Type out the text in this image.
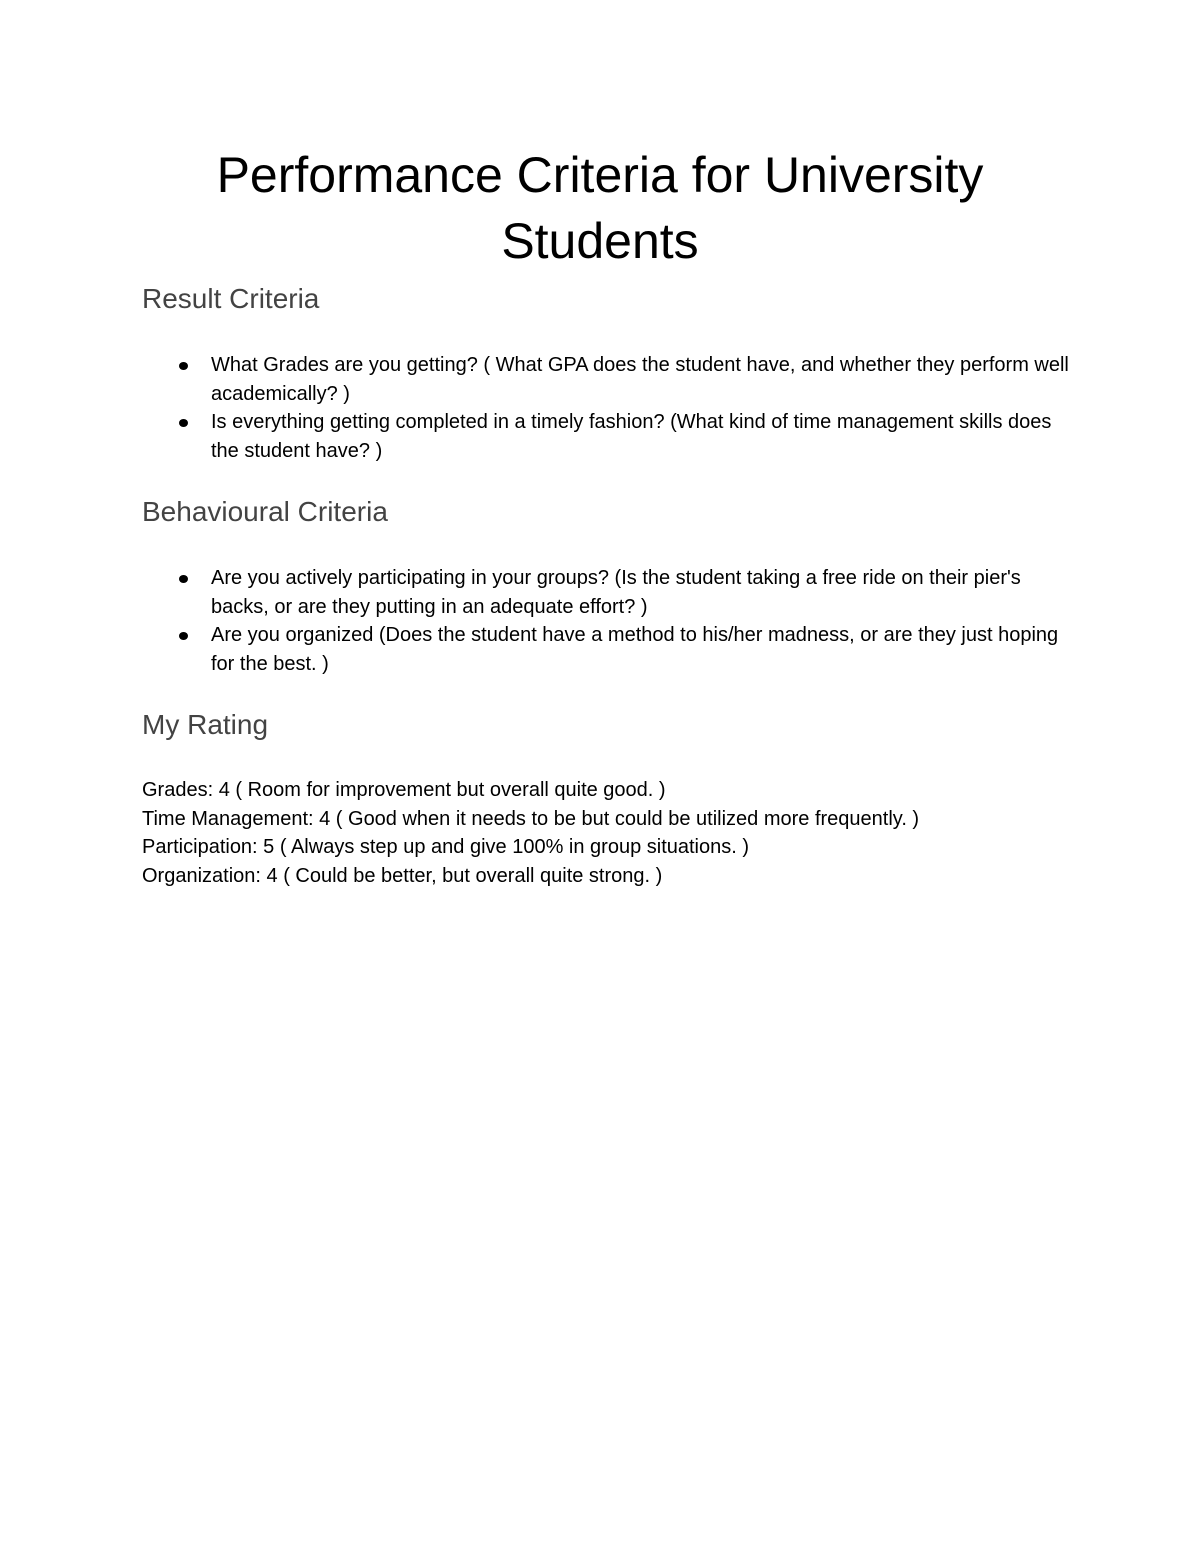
Performance Criteria for University Students
Result Criteria
What Grades are you getting? ( What GPA does the student have, and whether they perform well academically? )
Is everything getting completed in a timely fashion? (What kind of time management skills does the student have? )
Behavioural Criteria
Are you actively participating in your groups? (Is the student taking a free ride on their pier's backs, or are they putting in an adequate effort? )
Are you organized (Does the student have a method to his/her madness, or are they just hoping for the best. )
My Rating

Grades: 4 ( Room for improvement but overall quite good. )

Time Management: 4 ( Good when it needs to be but could be utilized more frequently. )

Participation: 5 ( Always step up and give 100% in group situations. )

Organization: 4 ( Could be better, but overall quite strong. )
